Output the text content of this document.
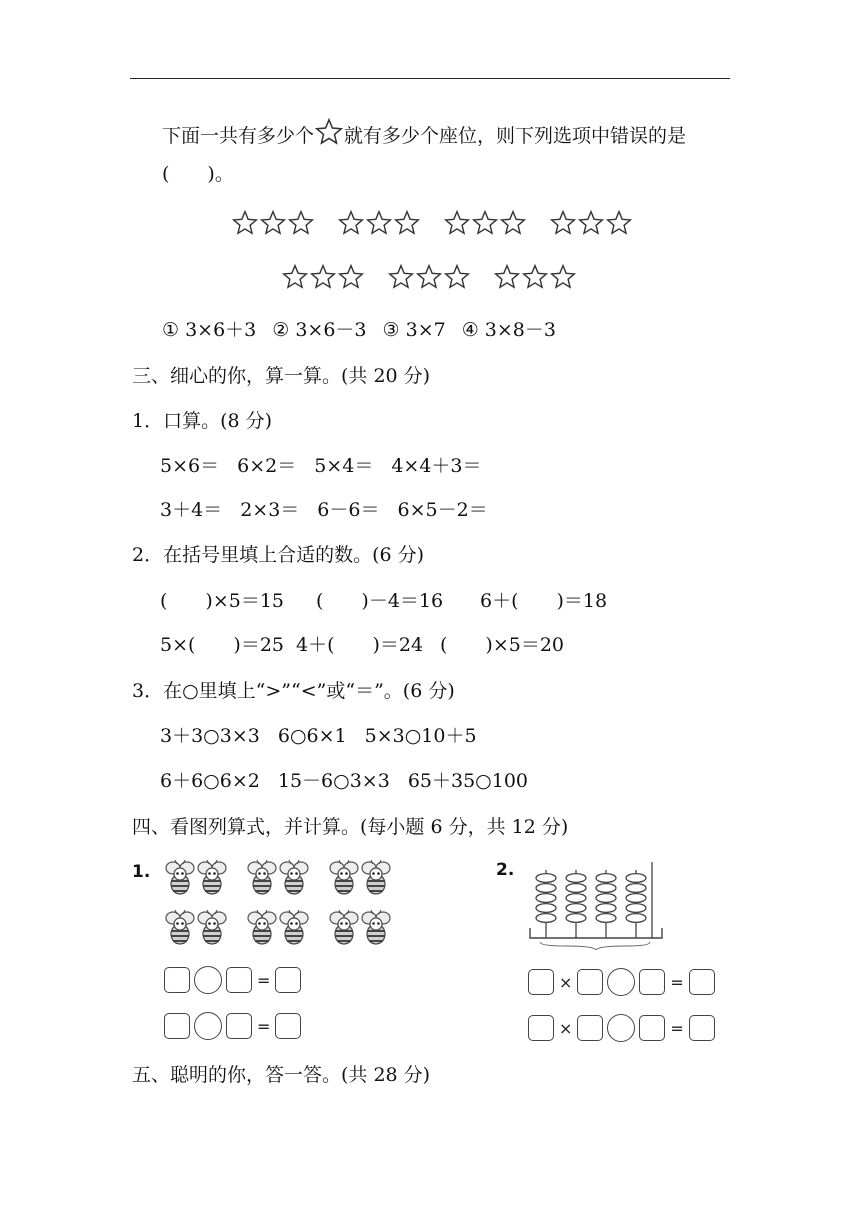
下面一共有多少个 就有多少个座位，则下列选项中错误的是
(　　)。
① 3×6＋3 ② 3×6－3 ③ 3×7 ④ 3×8－3
三、细心的你，算一算。(共 20 分)
1．口算。(8 分)
5×6＝ 6×2＝ 5×4＝ 4×4＋3＝
3＋4＝ 2×3＝ 6－6＝ 6×5－2＝
2．在括号里填上合适的数。(6 分)
(　　)×5＝15 (　　)－4＝16 6＋(　　)＝18
5×(　　)＝25 4＋(　　)＝24 (　　)×5＝20
3．在○里填上“>”“<”或“＝”。(6 分)
3＋3○3×3 6○6×1 5×3○10＋5
6＋6○6×2 15－6○3×3 65＋35○100
四、看图列算式，并计算。(每小题 6 分，共 12 分)
1.
=
=
2.
×	=
×	=
五、聪明的你，答一答。(共 28 分)
